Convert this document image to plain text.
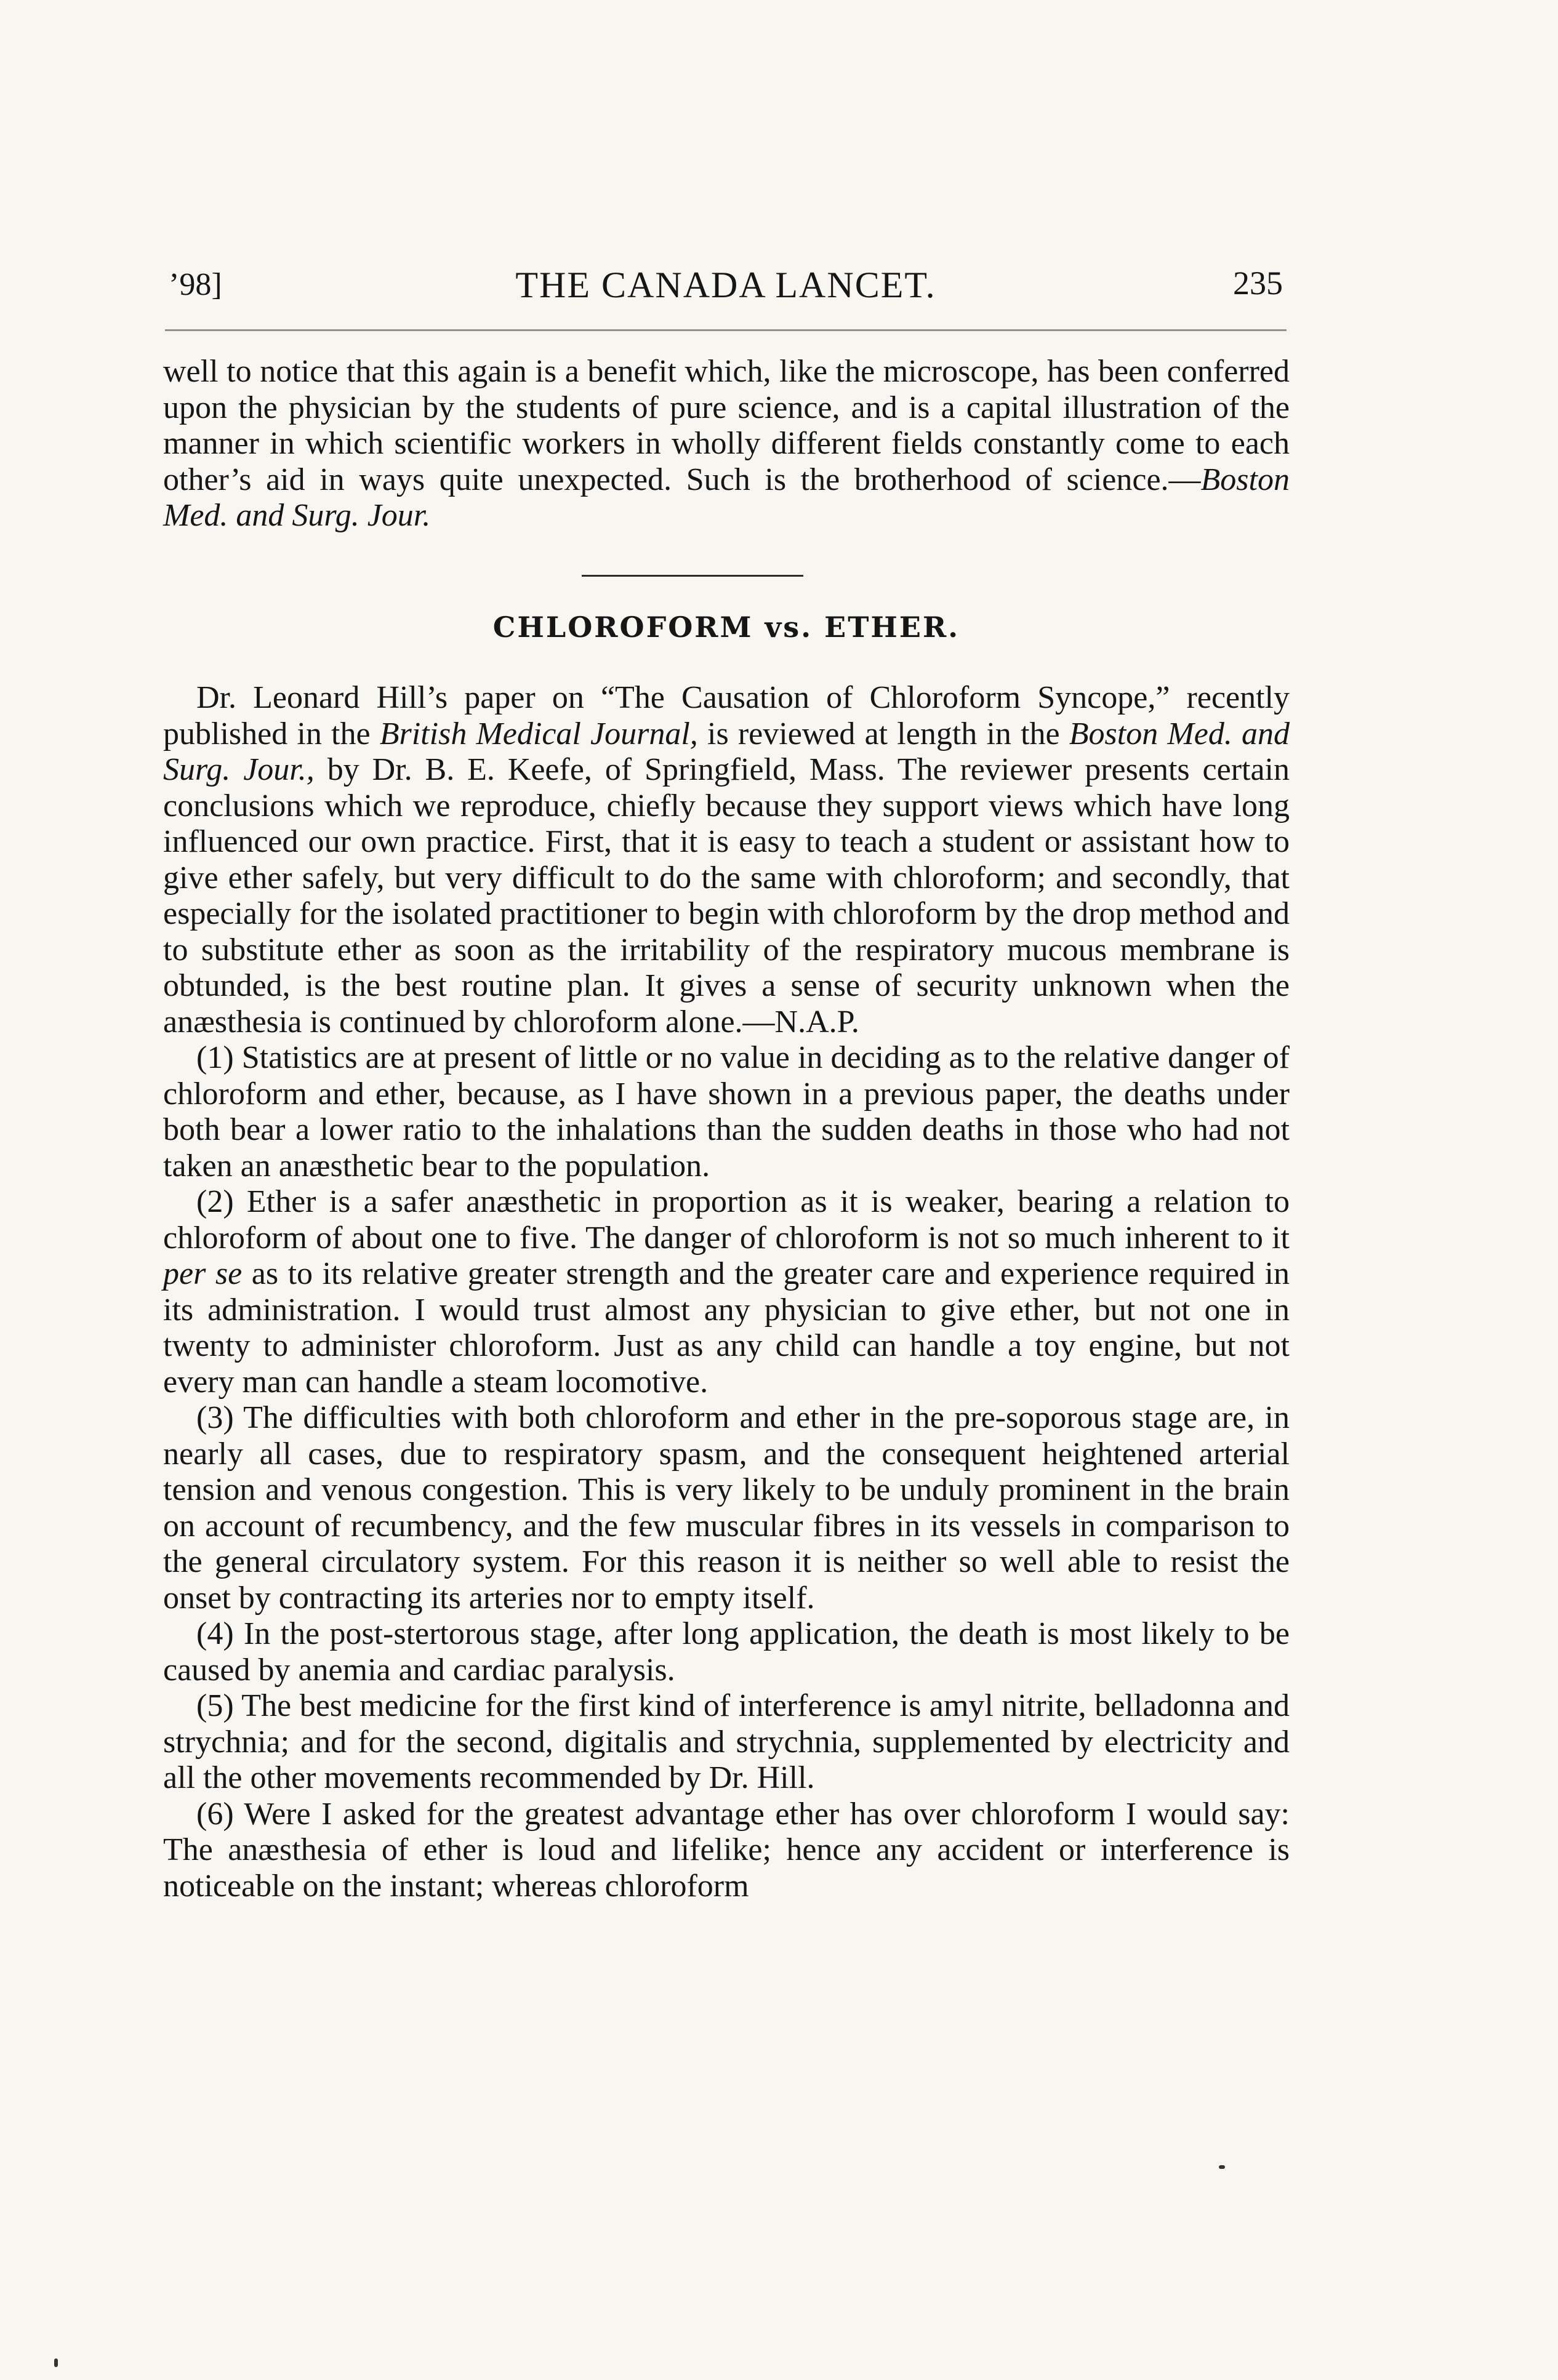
’98]	THE CANADA LANCET.	235

well to notice that this again is a benefit which, like the microscope, has been conferred upon the physician by the students of pure science, and is a capital illustration of the manner in which scientific workers in wholly different fields constantly come to each other’s aid in ways quite unexpected. Such is the brotherhood of science.—Boston Med. and Surg. Jour.

CHLOROFORM vs. ETHER.

Dr. Leonard Hill’s paper on “The Causation of Chloroform Syncope,” recently published in the British Medical Journal, is reviewed at length in the Boston Med. and Surg. Jour., by Dr. B. E. Keefe, of Springfield, Mass. The reviewer presents certain conclusions which we reproduce, chiefly because they support views which have long influenced our own practice. First, that it is easy to teach a student or assistant how to give ether safely, but very difficult to do the same with chloroform; and secondly, that especially for the isolated practitioner to begin with chloroform by the drop method and to substitute ether as soon as the irritability of the respiratory mucous membrane is obtunded, is the best routine plan. It gives a sense of security unknown when the anæsthesia is continued by chloroform alone.—N.A.P.

(1) Statistics are at present of little or no value in deciding as to the relative danger of chloroform and ether, because, as I have shown in a previous paper, the deaths under both bear a lower ratio to the inhalations than the sudden deaths in those who had not taken an anæsthetic bear to the population.

(2) Ether is a safer anæsthetic in proportion as it is weaker, bearing a relation to chloroform of about one to five. The danger of chloroform is not so much inherent to it per se as to its relative greater strength and the greater care and experience required in its administration. I would trust almost any physician to give ether, but not one in twenty to administer chloroform. Just as any child can handle a toy engine, but not every man can handle a steam locomotive.

(3) The difficulties with both chloroform and ether in the pre-soporous stage are, in nearly all cases, due to respiratory spasm, and the consequent heightened arterial tension and venous congestion. This is very likely to be unduly prominent in the brain on account of recumbency, and the few muscular fibres in its vessels in comparison to the general circulatory system. For this reason it is neither so well able to resist the onset by contracting its arteries nor to empty itself.

(4) In the post-stertorous stage, after long application, the death is most likely to be caused by anemia and cardiac paralysis.

(5) The best medicine for the first kind of interference is amyl nitrite, belladonna and strychnia; and for the second, digitalis and strychnia, supplemented by electricity and all the other movements recommended by Dr. Hill.

(6) Were I asked for the greatest advantage ether has over chloroform I would say: The anæsthesia of ether is loud and lifelike; hence any accident or interference is noticeable on the instant; whereas chloroform
